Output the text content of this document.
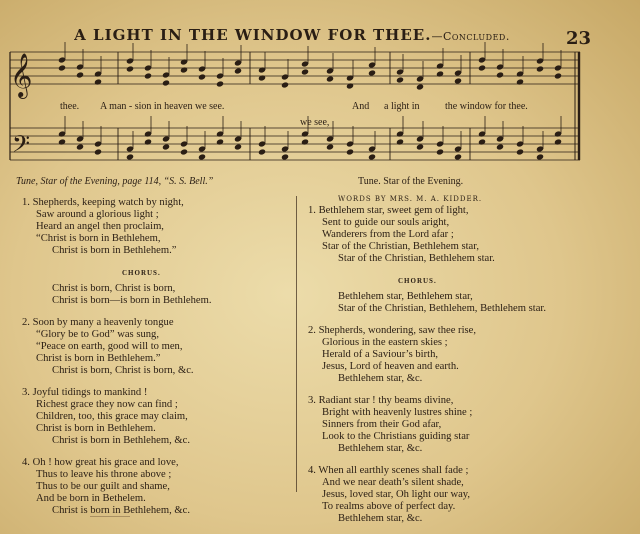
A LIGHT IN THE WINDOW FOR THEE.—Concluded.	23
𝄞
𝄢
thee. A man - sion in heaven we see.	And a light in	the window for thee.
we see,
Tune, Star of the Evening, page 114, “S. S. Bell.”	Tune. Star of the Evening.
WORDS BY MRS. M. A. KIDDER.
1. Shepherds, keeping watch by night,
Saw around a glorious light ;
Heard an angel then proclaim,
“Christ is born in Bethlehem,
Christ is born in Bethlehem.”
CHORUS.
Christ is born, Christ is born,
Christ is born—is born in Bethlehem.
2. Soon by many a heavenly tongue
“Glory be to God” was sung,
“Peace on earth, good will to men,
Christ is born in Bethlehem.”
Christ is born, Christ is born, &c.
3. Joyful tidings to mankind !
Richest grace they now can find ;
Children, too, this grace may claim,
Christ is born in Bethlehem.
Christ is born in Bethlehem, &c.
4. Oh ! how great his grace and love,
Thus to leave his throne above ;
Thus to be our guilt and shame,
And be born in Bethelem.
Christ is born in Bethlehem, &c.
1. Bethlehem star, sweet gem of light,
Sent to guide our souls aright,
Wanderers from the Lord afar ;
Star of the Christian, Bethlehem star,
Star of the Christian, Bethlehem star.
CHORUS.
Bethlehem star, Bethlehem star,
Star of the Christian, Bethlehem, Bethlehem star.
2. Shepherds, wondering, saw thee rise,
Glorious in the eastern skies ;
Herald of a Saviour’s birth,
Jesus, Lord of heaven and earth.
Bethlehem star, &c.
3. Radiant star ! thy beams divine,
Bright with heavenly lustres shine ;
Sinners from their God afar,
Look to the Christians guiding star
Bethlehem star, &c.
4. When all earthly scenes shall fade ;
And we near death’s silent shade,
Jesus, loved star, Oh light our way,
To realms above of perfect day.
Bethlehem star, &c.
